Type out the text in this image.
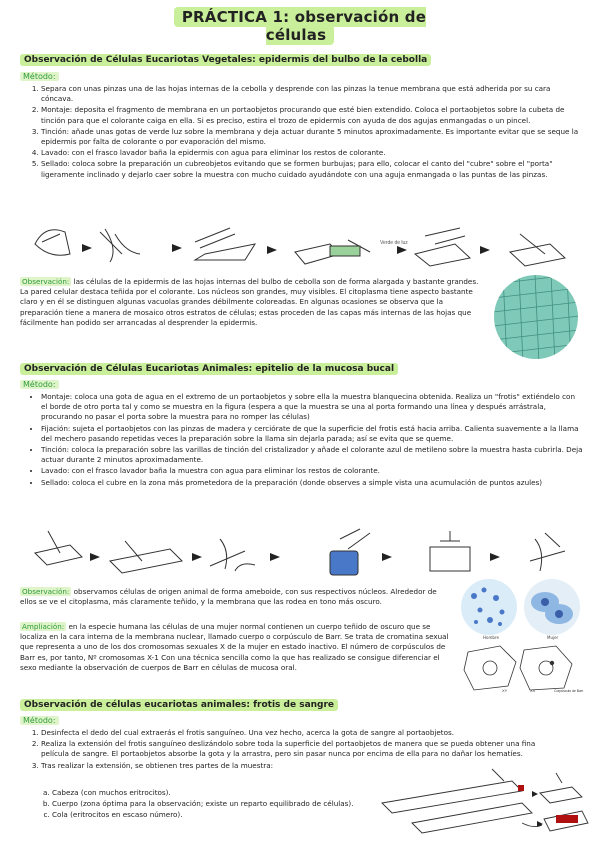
PRÁCTICA 1: observación de células
Observación de Células Eucariotas Vegetales: epidermis del bulbo de la cebolla
Método:
1. Separa con unas pinzas una de las hojas internas de la cebolla y desprende con las pinzas la tenue membrana que está adherida por su cara cóncava.
2. Montaje: deposita el fragmento de membrana en un portaobjetos procurando que esté bien extendido. Coloca el portaobjetos sobre la cubeta de tinción para que el colorante caiga en ella. Si es preciso, estira el trozo de epidermis con ayuda de dos agujas enmangadas o un pincel.
3. Tinción: añade unas gotas de verde luz sobre la membrana y deja actuar durante 5 minutos aproximadamente. Es importante evitar que se seque la epidermis por falta de colorante o por evaporación del mismo.
4. Lavado: con el frasco lavador baña la epidermis con agua para eliminar los restos de colorante.
5. Sellado: coloca sobre la preparación un cubreobjetos evitando que se formen burbujas; para ello, colocar el canto del "cubre" sobre el "porta" ligeramente inclinado y dejarlo caer sobre la muestra con mucho cuidado ayudándote con una aguja enmangada o las puntas de las pinzas.
Verde de luz
Observación: las células de la epidermis de las hojas internas del bulbo de cebolla son de forma alargada y bastante grandes. La pared celular destaca teñida por el colorante. Los núcleos son grandes, muy visibles. El citoplasma tiene aspecto bastante claro y en él se distinguen algunas vacuolas grandes débilmente coloreadas. En algunas ocasiones se observa que la preparación tiene a manera de mosaico otros estratos de células; estas proceden de las capas más internas de las hojas que fácilmente han podido ser arrancadas al desprender la epidermis.
Observación de Células Eucariotas Animales: epitelio de la mucosa bucal
Método:
• Montaje: coloca una gota de agua en el extremo de un portaobjetos y sobre ella la muestra blanquecina obtenida. Realiza un "frotis" extiéndelo con el borde de otro porta tal y como se muestra en la figura (espera a que la muestra se una al porta formando una línea y después arrástrala, procurando no pasar el porta sobre la muestra para no romper las células)
• Fijación: sujeta el portaobjetos con las pinzas de madera y cerciórate de que la superficie del frotis está hacia arriba. Calienta suavemente a la llama del mechero pasando repetidas veces la preparación sobre la llama sin dejarla parada; así se evita que se queme.
• Tinción: coloca la preparación sobre las varillas de tinción del cristalizador y añade el colorante azul de metileno sobre la muestra hasta cubrirla. Deja actuar durante 2 minutos aproximadamente.
• Lavado: con el frasco lavador baña la muestra con agua para eliminar los restos de colorante.
• Sellado: coloca el cubre en la zona más prometedora de la preparación (donde observes a simple vista una acumulación de puntos azules)
Observación: observamos células de origen animal de forma ameboide, con sus respectivos núcleos. Alrededor de ellos se ve el citoplasma, más claramente teñido, y la membrana que las rodea en tono más oscuro.
Ampliación: en la especie humana las células de una mujer normal contienen un cuerpo teñido de oscuro que se localiza en la cara interna de la membrana nuclear, llamado cuerpo o corpúsculo de Barr. Se trata de cromatina sexual que representa a uno de los dos cromosomas sexuales X de la mujer en estado inactivo. El número de corpúsculos de Barr es, por tanto, Nº cromosomas X-1 Con una técnica sencilla como la que has realizado se consigue diferenciar el sexo mediante la observación de cuerpos de Barr en células de mucosa oral.
Hombre	Mujer
XY	XX	Corpúsculo de Barr
Observación de células eucariotas animales: frotis de sangre
Método:
1. Desinfecta el dedo del cual extraerás el frotis sanguíneo. Una vez hecho, acerca la gota de sangre al portaobjetos.
2. Realiza la extensión del frotis sanguíneo deslizándolo sobre toda la superficie del portaobjetos de manera que se pueda obtener una fina película de sangre. El portaobjetos absorbe la gota y la arrastra, pero sin pasar nunca por encima de ella para no dañar los hematíes.
3. Tras realizar la extensión, se obtienen tres partes de la muestra:
a. Cabeza (con muchos eritrocitos).
b. Cuerpo (zona óptima para la observación; existe un reparto equilibrado de células).
c. Cola (eritrocitos en escaso número).
